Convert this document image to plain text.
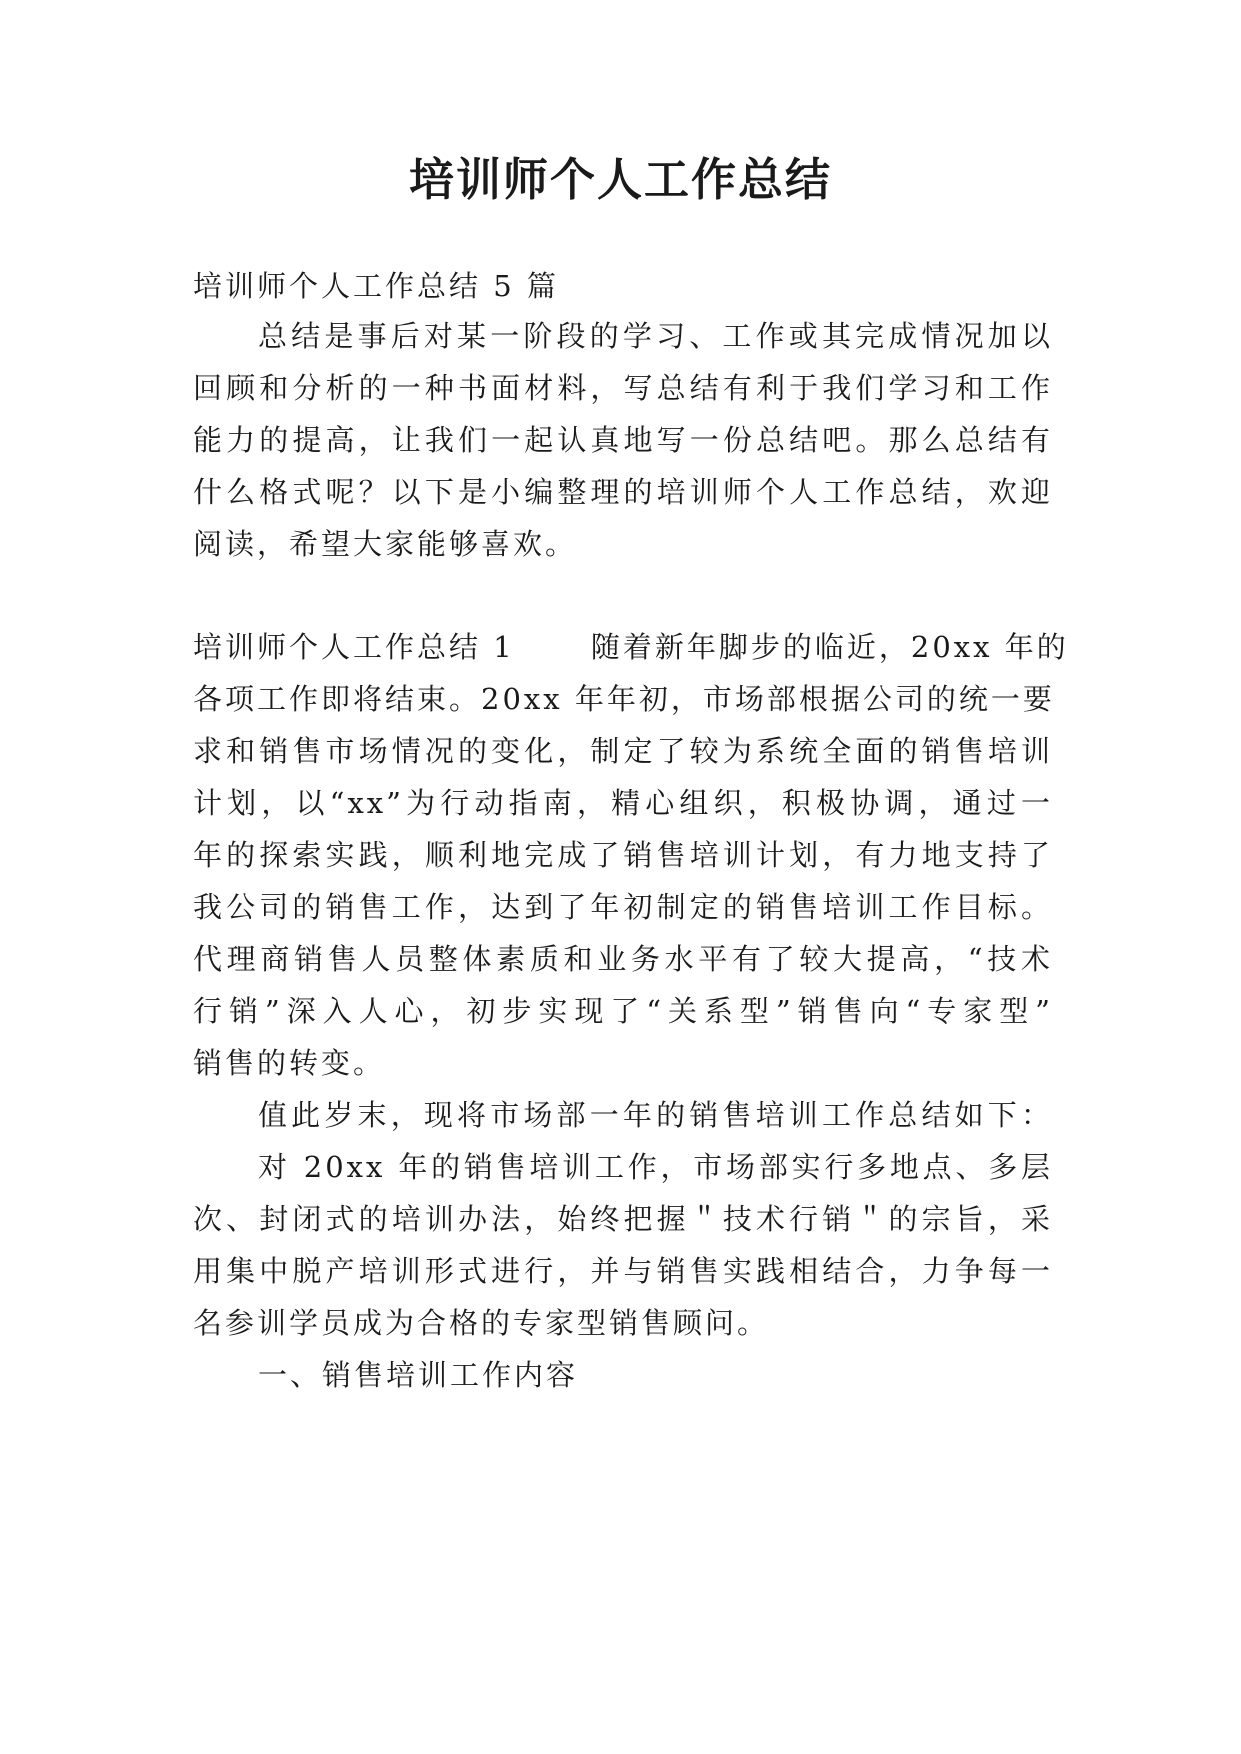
培训师个人工作总结
培训师个人工作总结 5 篇
总结是事后对某一阶段的学习、工作或其完成情况加以
回顾和分析的一种书面材料，写总结有利于我们学习和工作
能力的提高，让我们一起认真地写一份总结吧。那么总结有
什么格式呢？以下是小编整理的培训师个人工作总结，欢迎
阅读，希望大家能够喜欢。
培训师个人工作总结 1 　　随着新年脚步的临近，20xx 年的
各项工作即将结束。20xx 年年初，市场部根据公司的统一要
求和销售市场情况的变化，制定了较为系统全面的销售培训
计划，以“xx”为行动指南，精心组织，积极协调，通过一
年的探索实践，顺利地完成了销售培训计划，有力地支持了
我公司的销售工作，达到了年初制定的销售培训工作目标。
代理商销售人员整体素质和业务水平有了较大提高，“技术
行销”深入人心，初步实现了“关系型”销售向“专家型”
销售的转变。
值此岁末，现将市场部一年的销售培训工作总结如下：
对 20xx 年的销售培训工作，市场部实行多地点、多层
次、封闭式的培训办法，始终把握＂技术行销＂的宗旨，采
用集中脱产培训形式进行，并与销售实践相结合，力争每一
名参训学员成为合格的专家型销售顾问。
一、销售培训工作内容
